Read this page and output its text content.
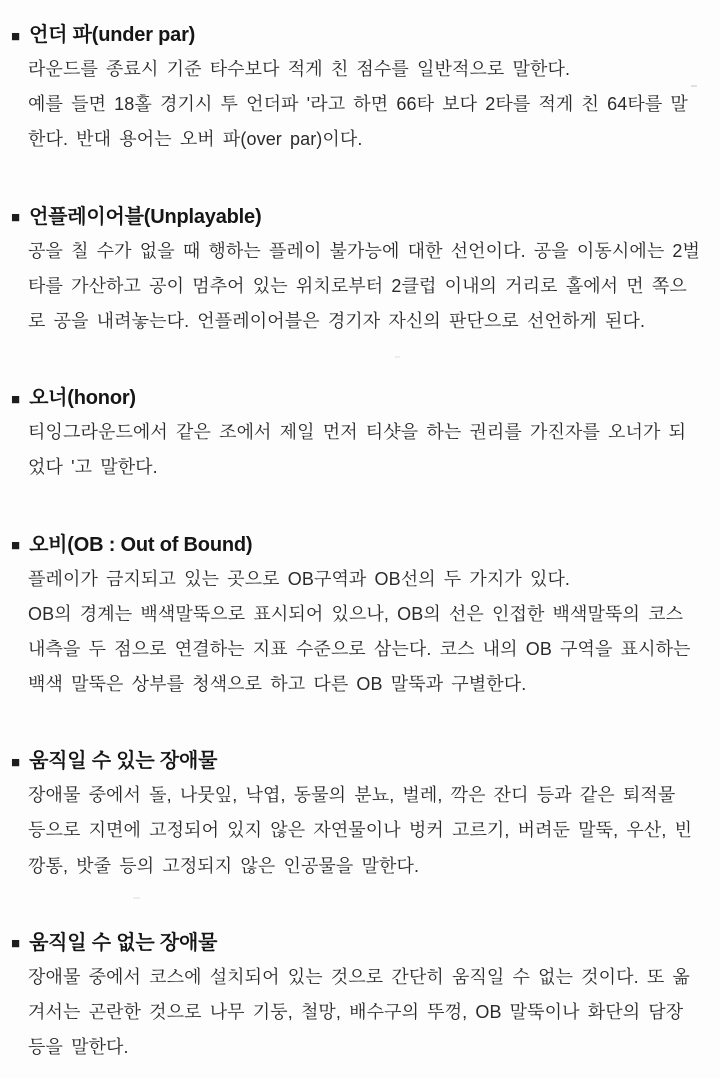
■ 언더 파(under par)
라운드를 종료시 기준 타수보다 적게 친 점수를 일반적으로 말한다.
예를 들면 18홀 경기시 투 언더파 '라고 하면 66타 보다 2타를 적게 친 64타를 말
한다. 반대 용어는 오버 파(over par)이다.
■ 언플레이어블(Unplayable)
공을 칠 수가 없을 때 행하는 플레이 불가능에 대한 선언이다. 공을 이동시에는 2벌
타를 가산하고 공이 멈추어 있는 위치로부터 2클럽 이내의 거리로 홀에서 먼 쪽으
로 공을 내려놓는다. 언플레이어블은 경기자 자신의 판단으로 선언하게 된다.
■ 오너(honor)
티잉그라운드에서 같은 조에서 제일 먼저 티샷을 하는 권리를 가진자를 오너가 되
었다 '고 말한다.
■ 오비(OB : Out of Bound)
플레이가 금지되고 있는 곳으로 OB구역과 OB선의 두 가지가 있다.
OB의 경계는 백색말뚝으로 표시되어 있으나, OB의 선은 인접한 백색말뚝의 코스
내측을 두 점으로 연결하는 지표 수준으로 삼는다. 코스 내의 OB 구역을 표시하는
백색 말뚝은 상부를 청색으로 하고 다른 OB 말뚝과 구별한다.
■ 움직일 수 있는 장애물
장애물 중에서 돌, 나뭇잎, 낙엽, 동물의 분뇨, 벌레, 깍은 잔디 등과 같은 퇴적물
등으로 지면에 고정되어 있지 않은 자연물이나 벙커 고르기, 버려둔 말뚝, 우산, 빈
깡통, 밧줄 등의 고정되지 않은 인공물을 말한다.
■ 움직일 수 없는 장애물
장애물 중에서 코스에 설치되어 있는 것으로 간단히 움직일 수 없는 것이다. 또 옮
겨서는 곤란한 것으로 나무 기둥, 철망, 배수구의 뚜껑, OB 말뚝이나 화단의 담장
등을 말한다.
